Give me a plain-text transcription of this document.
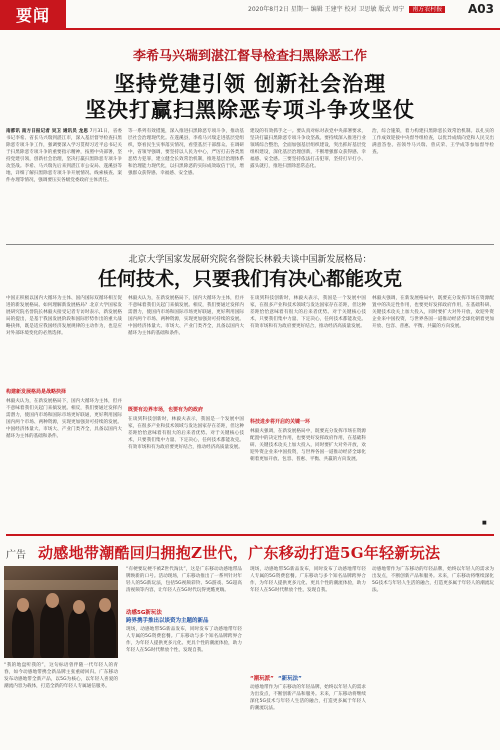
要闻	2020年8月2日 星期一 编辑 王建宇 校对 卫思敏 版式 周宁 南方农村报 A03
李希马兴瑞到湛江督导检查扫黑除恶工作
坚持党建引领 创新社会治理
坚决打赢扫黑除恶专项斗争攻坚仗
南都讯 南方日报记者 吴卫 通讯员 龙思 7月31日，省委书记李希、省长马兴瑞到湛江市，深入基层督导检查扫黑除恶专项斗争工作，强调要深入学习贯彻习近平总书记关于扫黑除恶专项斗争的重要指示精神，按照中央部署，坚持党建引领，创新社会治理，坚决打赢扫黑除恶专项斗争攻坚战。李希、马兴瑞先后来到湛江市公安局、遂溪县等地，详细了解扫黑除恶专项斗争开展情况、线索核查、案件办理等情况，强调要压实各级党委政府主体责任。
等一系列有效措施，深入推进扫黑除恶专项斗争，推动基层社会治理现代化。在遂溪县，李希马兴瑞走进基层党组织，察看民生实事落实情况，看望基层干部群众。在调研中，省领导强调，要坚持以人民为中心，严厉打击各类黑恶势力犯罪，建立健全长效常治机制，推进基层治理体系和治理能力现代化，以扫黑除恶的实际成效取信于民，增强群众获得感、幸福感、安全感。
建设的有效抓手之一。要认真对标对表党中央部署要求，坚决打赢扫黑除恶专项斗争攻坚战。要持续深入推进行业领域综合整治，全面加强基层组织建设，突出抓好基层党组织建设，深化基层治理创新，不断增强群众获得感、幸福感、安全感。三要坚持依法打击犯罪，坚持打早打小、露头就打，推进扫黑除恶常态化。
治，综合施策，着力构建扫黑除恶长效常治机制。以扎实的工作成效迎接中央督导组检查，以优异成绩向党和人民交出满意答卷。省领导马兴瑞、曾庆荣、王学成等参加督导检查。
北京大学国家发展研究院名誉院长林毅夫谈中国新发展格局：
任何技术，只要我们有决心都能攻克
中国正积极以国内大循环为主体、国内国际双循环相互促进的新发展格局。如何理解新发展格局？北京大学国家发展研究院名誉院长林毅夫接受记者专访时表示，新发展格局的提出，是基于我国发展阶段和国际形势作出的重大战略抉择，既是适应我国经济发展规律的主动作为，也是应对外部环境变化的必然选择。
构建新发展格局是战略抉择
林毅夫认为，在新发展格局下，国内大循环为主体，但并不意味着我们关起门来搞发展。相反，我们要通过发挥内需潜力，使国内市场和国际市场更好联通，更好利用国际国内两个市场、两种资源，实现更加强劲可持续的发展。中国经济体量大、市场大、产业门类齐全，具备以国内大循环为主体的基础和条件。
林毅夫认为，在新发展格局下，国内大循环为主体，但并不意味着我们关起门来搞发展。相反，我们要通过发挥内需潜力，使国内市场和国际市场更好联通，更好利用国际国内两个市场、两种资源，实现更加强劲可持续的发展。中国经济体量大、市场大、产业门类齐全，具备以国内大循环为主体的基础和条件。
既要有边界市场，也要有为的政府
在谈到科技创新时，林毅夫表示，我国是一个发展中国家，在很多产业和技术领域与发达国家存在差距，但这种差距恰恰意味着有很大的后来者优势。对于关键核心技术，只要我们集中力量、下定决心，任何技术都能攻克。有效市场和有为政府要更好结合，推动经济高质量发展。
在谈到科技创新时，林毅夫表示，我国是一个发展中国家，在很多产业和技术领域与发达国家存在差距，但这种差距恰恰意味着有很大的后来者优势。对于关键核心技术，只要我们集中力量、下定决心，任何技术都能攻克。有效市场和有为政府要更好结合，推动经济高质量发展。
科技进步将开启的关键一环
林毅夫强调，在新发展格局中，既要充分发挥市场在资源配置中的决定性作用，也要更好发挥政府作用，在基础科研、关键技术攻关上加大投入，同时要扩大对外开放，欢迎外资企业来中国投资，与世界各国一道推动经济全球化朝着更加开放、包容、普惠、平衡、共赢的方向发展。
林毅夫强调，在新发展格局中，既要充分发挥市场在资源配置中的决定性作用，也要更好发挥政府作用，在基础科研、关键技术攻关上加大投入，同时要扩大对外开放，欢迎外资企业来中国投资，与世界各国一道推动经济全球化朝着更加开放、包容、普惠、平衡、共赢的方向发展。
■
广告 动感地带潮酷回归拥抱Z世代，广东移动打造5G年轻新玩法
“我的地盘听我的”，这句标语曾伴随一代年轻人的青春，如今动感地带携全新品牌主张重磅回归。广东移动发布动感地带全新产品，以5G为核心，以年轻人喜爱的潮流内容为载体，打造全新的年轻人专属通信服务。
“有梗要玩梗不被Z世代淘汰”，这是广东移动动感地带品牌焕新的口号。活动现场，广东移动推出了一系列针对年轻人的5G新玩法，包括5G视频彩铃、5G游戏、5G超高清视频等内容，让年轻人在5G时代玩得更酷更嗨。
动感5G新玩法
跨界携手推出以谈资为主题的新品
现场，动感地带5G新品发布，同时发布了动感地带年轻人专属的5G资费套餐。广东移动与多个知名品牌跨界合作，为年轻人提供更多元化、更具个性的潮流体验，助力年轻人在5G时代释放个性、发现自我。
现场，动感地带5G新品发布，同时发布了动感地带年轻人专属的5G资费套餐。广东移动与多个知名品牌跨界合作，为年轻人提供更多元化、更具个性的潮流体验，助力年轻人在5G时代释放个性、发现自我。
“潮玩派” “新玩法”
动感地带作为广东移动的年轻品牌，始终以年轻人的需求为出发点，不断创新产品和服务。未来，广东移动将继续深化5G技术与年轻人生活的融合，打造更多属于年轻人的潮流玩法。
动感地带作为广东移动的年轻品牌，始终以年轻人的需求为出发点，不断创新产品和服务。未来，广东移动将继续深化5G技术与年轻人生活的融合，打造更多属于年轻人的潮流玩法。
